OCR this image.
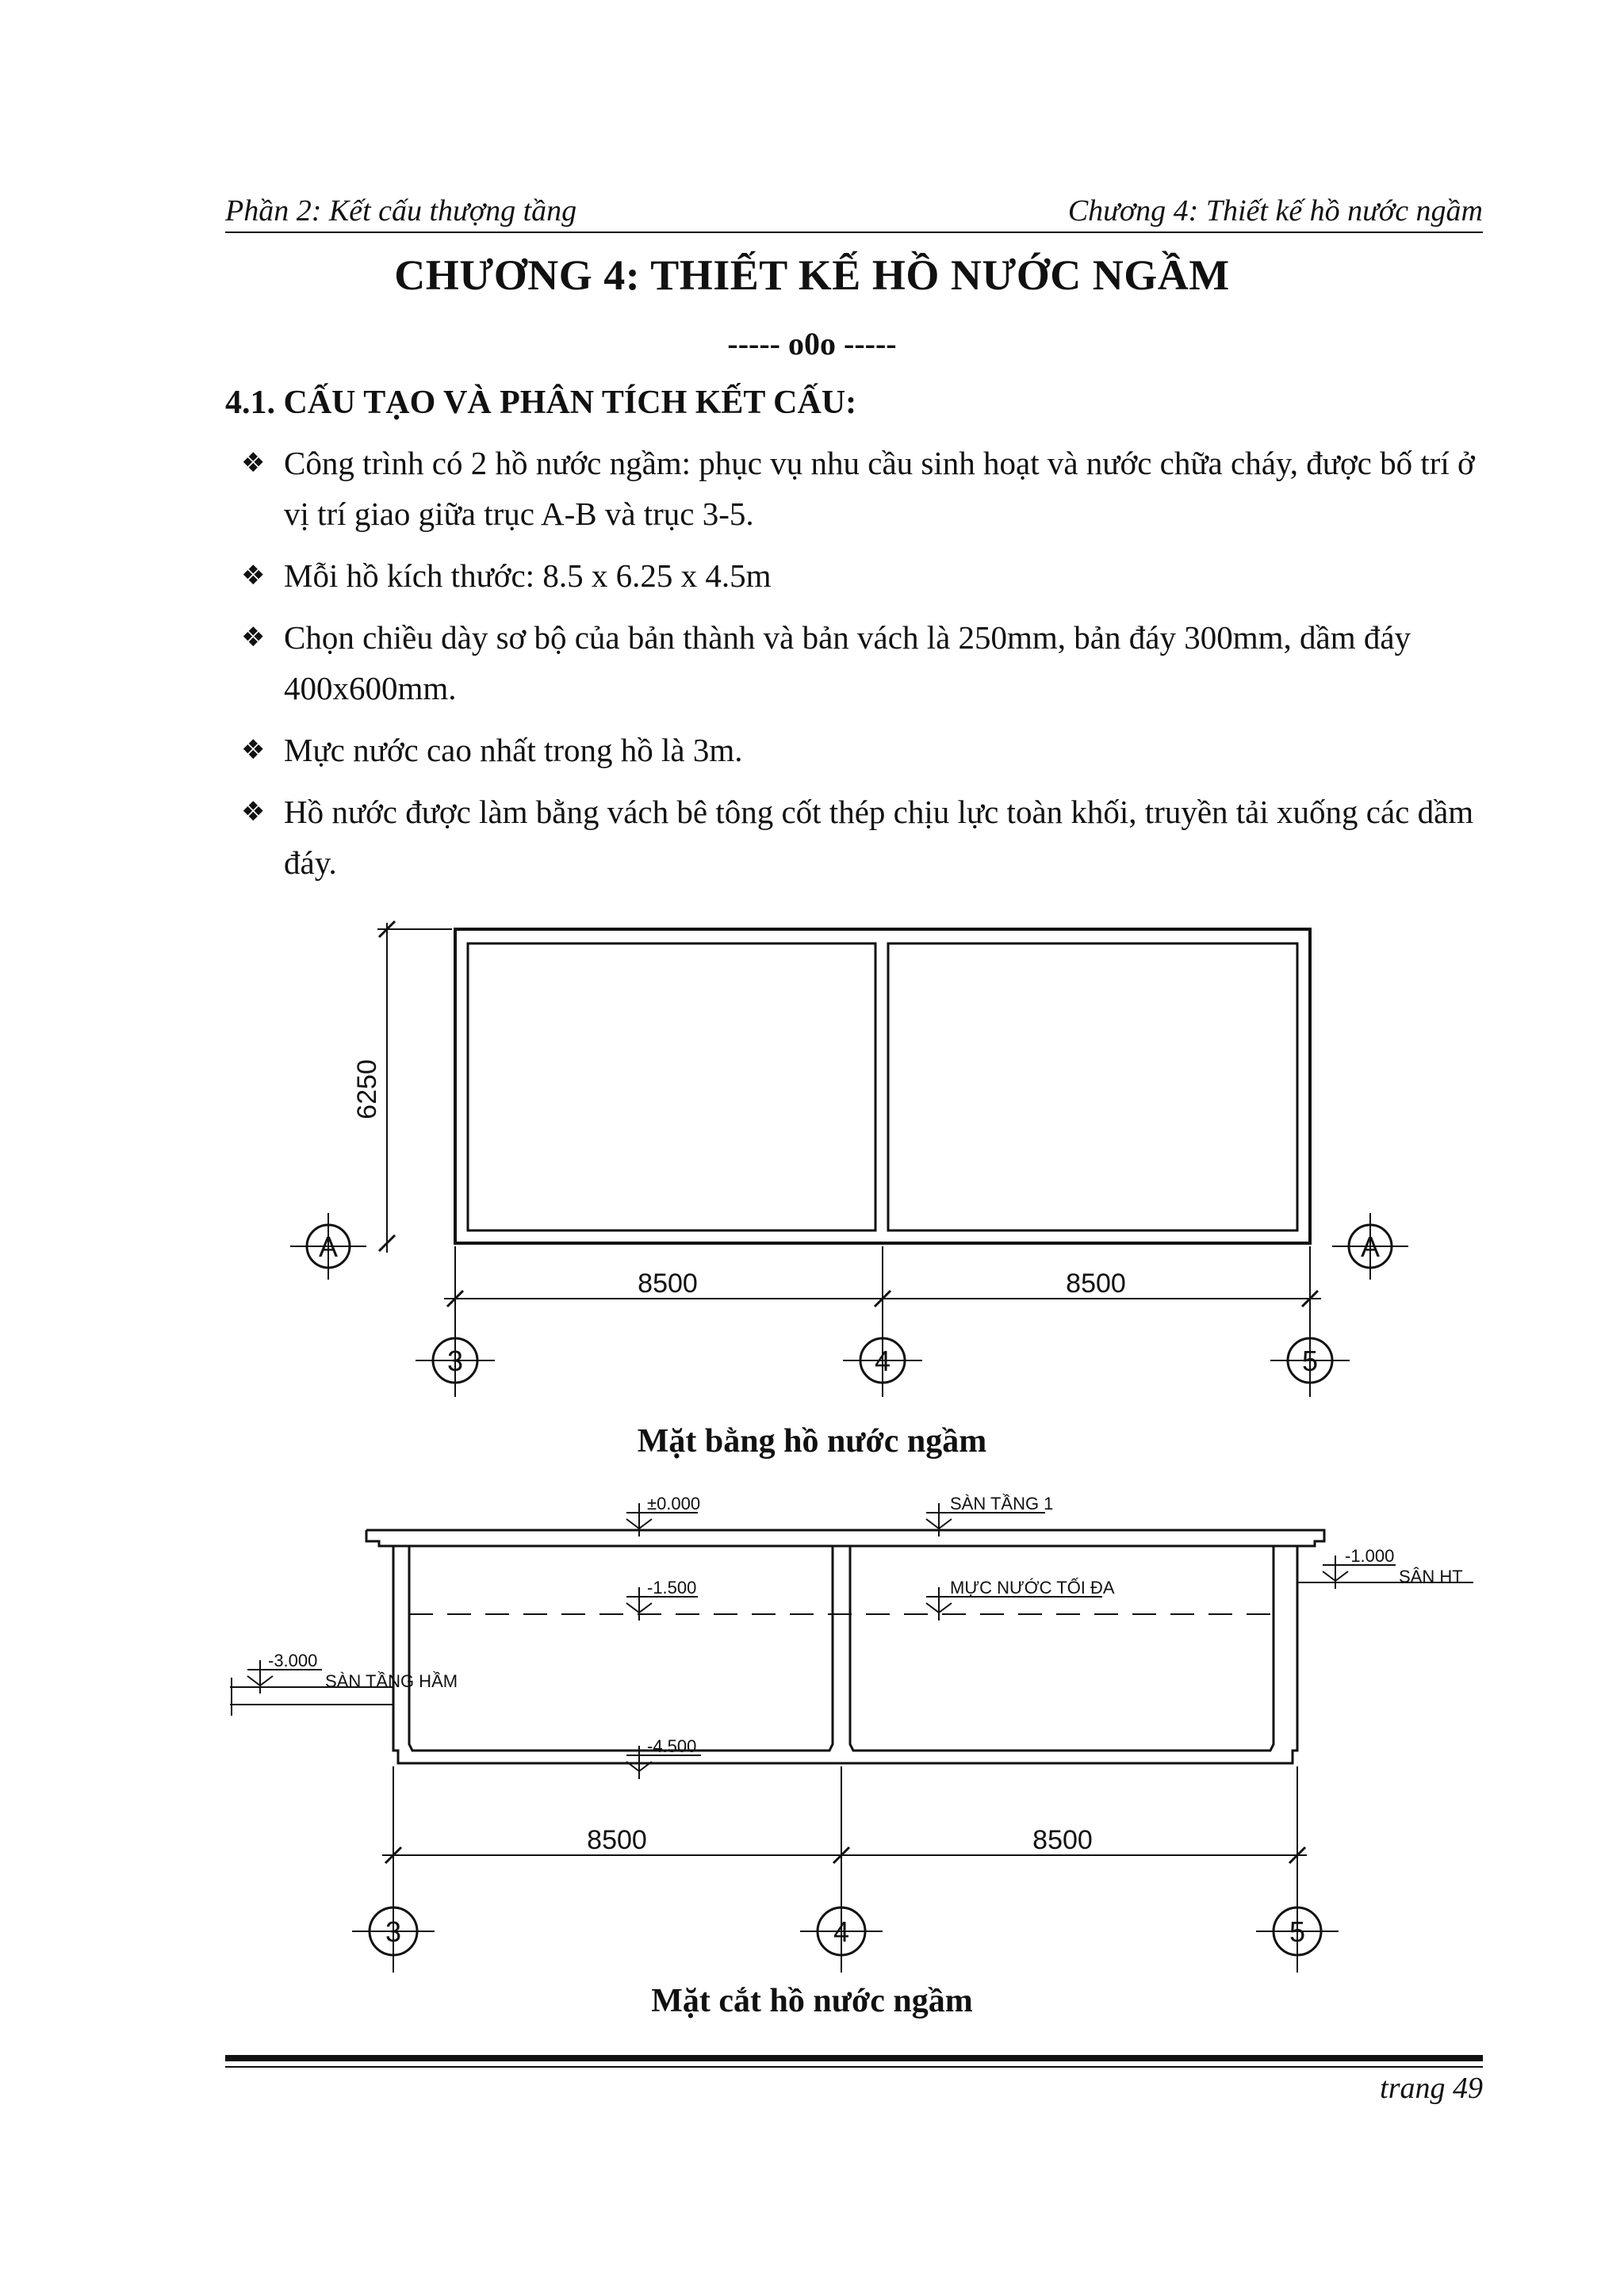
Phần 2: Kết cấu thượng tầng	Chương 4: Thiết kế hồ nước ngầm
CHƯƠNG 4: THIẾT KẾ HỒ NƯỚC NGẦM
----- o0o -----
4.1. CẤU TẠO VÀ PHÂN TÍCH KẾT CẤU:
❖ Công trình có 2 hồ nước ngầm: phục vụ nhu cầu sinh hoạt và nước chữa cháy, được bố trí ở vị trí giao giữa trục A-B và trục 3-5.
❖ Mỗi hồ kích thước: 8.5 x 6.25 x 4.5m
❖ Chọn chiều dày sơ bộ của bản thành và bản vách là 250mm, bản đáy 300mm, dầm đáy 400x600mm.
❖ Mực nước cao nhất trong hồ là 3m.
❖ Hồ nước được làm bằng vách bê tông cốt thép chịu lực toàn khối, truyền tải xuống các dầm đáy.
6250
8500	8500
A	A
3	4	5
±0.000	SÀN TẦNG 1
-1.500	MỰC NƯỚC TỐI ĐA
-4.500
-1.000
SÂN HT
-3.000
SÀN TẦNG HẦM
8500	8500
3	4	5
Mặt bằng hồ nước ngầm
Mặt cắt hồ nước ngầm
trang 49
